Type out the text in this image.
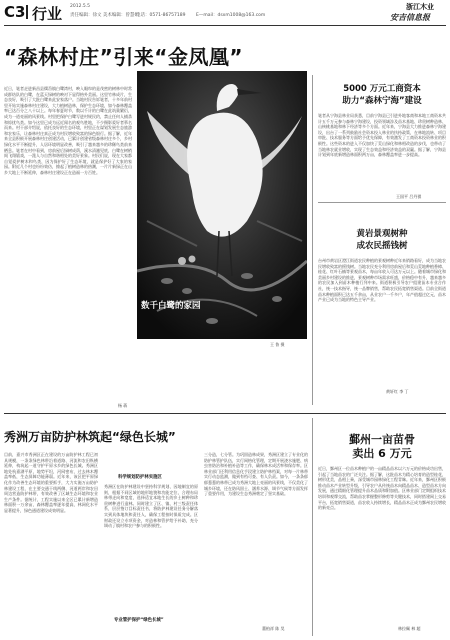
C3 行业 2012.5.5
责任编辑：徐文 美术编辑：曾慧娟
电话：0571-86757189 E—mail：dsxm1008@163.com
浙江木业
安吉信息报
“森林村庄”引来“金凤凰”
近日，笔者走进新昌县儒岙镇白鹭湾村，映入眼帘的是茂密的树林中时常成群结队的白鹭，在蓝天绿树的映衬下显得格外美丽。这里竹林成片，生态良好，吸引了大批白鹭来此安家落户。当地村民告诉笔者，十多年前村里开始实施森林村庄建设，大力植树造林，保护生态环境，如今森林覆盖率已达百分之八十以上。每年春夏时节，数以千计的白鹭在此筑巢繁衍，成为一道亮丽的风景线。村里把保护白鹭写进村规民约，禁止任何人捕杀和惊扰鸟类。如今这里已成为远近闻名的观鸟胜地，不少摄影爱好者慕名而来。村干部介绍说，依托良好的生态环境，村里正在谋划发展生态旅游和农家乐，让森林村庄真正成为村民增收致富的绿色银行。据了解，近年来全县积极开展森林村庄创建活动，已累计创建省级森林村庄多个，乡村绿化水平不断提升，人居环境明显改善，吸引了越来越多的珍稀鸟类前来栖息。笔者在村中看到，房前屋后绿树成荫，溪水清澈见底，白鹭在树梢间飞翔嬉戏，一派人与自然和谐相处的美好景象。村民们说，现在大家都自觉爱护树木和鸟类，因为保护好了生态环境，就是保护好了大家的家园。附近几个村也纷纷效仿，掀起了植树造林的热潮，一片片新绿正在山乡大地上不断延伸，森林村庄建设正在造福一方百姓。
杨 蒋
数千白鹭的家园
王 鲁 摄
5000 万元工商资本
助力“森林宁海”建设
笔者从宁海县林业局获悉，目前宁海县已引进外地客商和本地工商资本共计五千万元参与森林宁海建设，投资领域涉及苗木基地、珍贵树种造林、山核桃基地和林下经济等多个方面。近年来，宁海县大力推进森林宁海建设，出台了一系列鼓励社会资本投入林业的扶持政策，在林地流转、项目审批、技术服务等方面给予优先保障，有效激发了工商资本投资林业的积极性。这些资本的进入不仅加快了荒山绿化和林相改造的步伐，也带动了当地林农就业增收，实现了生态效益和经济效益的双赢。据了解，宁海县计划到年底新增造林面积两万亩，森林覆盖率进一步提高。
王国平 吕丹祺
黄岩景观树种
成农民摇钱树
台州市黄岩区澄江街道农民种植的景观树种近年来销路看好，成为当地农民增收致富的摇钱树。当地农民充分利用房前屋后和荒山荒地种植香樟、桂花、红叶石楠等景观苗木，每亩年收入可达万元以上。随着城市绿化和美丽乡村建设的推进，景观树种市场需求旺盛，价格稳中有升，越来越多的农民加入到苗木种植行列中来。街道积极引导农户组建苗木专业合作社，统一技术指导，统一品牌销售，帮助农民拓宽销售渠道。目前全街道苗木种植面积已达五千余亩，从业农户一千多户，年产值超过亿元，苗木产业已成为当地的特色主导产业。
黄轩红 李 丁
秀洲万亩防护林筑起“绿色长城”
目前，嘉兴市秀洲区正在建设的万亩防护林工程已初具规模，一条条绿色林带沿着道路、河流和农田纵横延伸，构筑起一道守护平原水乡的绿色长城。秀洲区地处杭嘉湖平原，地势平坦，河网密布，过去林木覆盖率低，生态屏障功能薄弱。近年来，该区把平原绿化作为改善生态环境的重要抓手，大力实施万亩防护林建设工程，在主要交通干线两侧、河道两岸和农田周边营造防护林带，有效改善了区域生态环境和农业生产条件。据统计，工程实施以来全区已累计新增造林面积一万余亩，森林覆盖率逐年提高，林网化水平显著提升，绿色通道建设成效明显。
科学规划防护林实施区
秀洲区在防护林建设中坚持科学规划、因地制宜的原则，根据不同区域的地形地貌和功能定位，合理布局林带走向和宽度，选择适宜本地生长的乡土树种和珍贵树种进行造林。同时建立了区、镇、村三级责任体系，层层签订目标责任书，将防护林建设任务分解落实到具体地块和责任人，确保工程按时保质完成。区财政还设立专项资金，对造林和管护给予补助，充分调动了镇村和农户参与的积极性。
专业管护保护“绿色长城”
三分造，七分管。为巩固造林成果，秀洲区建立了专业化的防护林管护队伍，实行网格化管理，定期开展浇水施肥、病虫害防治和补植补造等工作，确保林木成活率和保存率。区林业部门还利用信息化手段建立防护林档案，对每一片林带实行动态监测，做到有档可查、有人负责。如今，一条条郁郁葱葱的林带已成为秀洲大地上亮丽的风景线，不仅美化了城乡环境，还在防风固土、涵养水源、调节气候等方面发挥了重要作用，为建设生态秀洲奠定了坚实基础。
董柏祥 陈 昊
鄞州一亩苗骨
卖出 6 万元
近日，鄞州区一位苗木种植户的一亩精品苗木以六万元的价格成功出售，引起了当地苗农的广泛关注。据了解，这批苗木为精心培育的造型桂花，树形优美，品相上乘，深受城市园林绿化工程青睐。近年来，鄞州区积极推动苗木产业转型升级，引导农户从传统苗木向精品苗木、造型苗木方向发展，通过精细化管理提升苗木品质和附加值。区林业部门定期组织技术培训和观摩交流，帮助苗农掌握整形修剪等关键技术，同时搭建网上交易平台，拓宽销售渠道，苗农收入持续增长，精品苗木正成为鄞州农民增收的新亮点。
林拉佩 林 超
